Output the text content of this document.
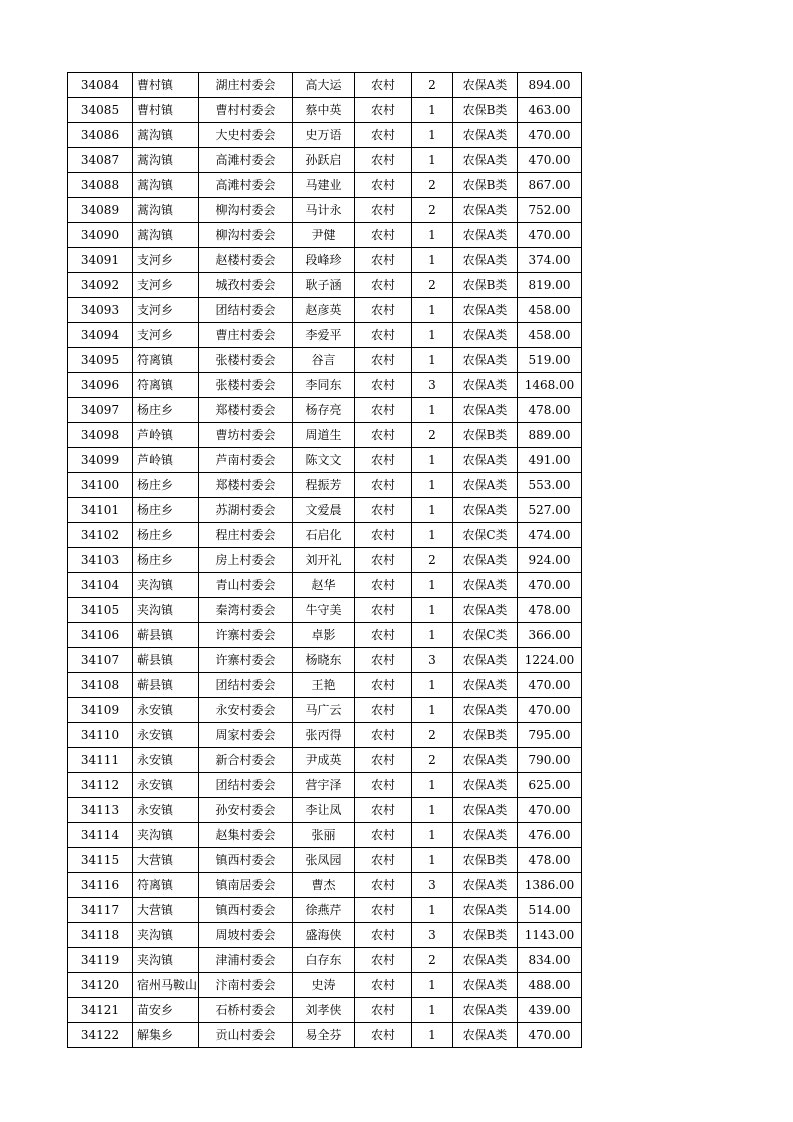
34084	曹村镇	湖庄村委会	高大运	农村	2	农保A类	894.00
34085	曹村镇	曹村村委会	蔡中英	农村	1	农保B类	463.00
34086	蒿沟镇	大史村委会	史万语	农村	1	农保A类	470.00
34087	蒿沟镇	高滩村委会	孙跃启	农村	1	农保A类	470.00
34088	蒿沟镇	高滩村委会	马建业	农村	2	农保B类	867.00
34089	蒿沟镇	柳沟村委会	马计永	农村	2	农保A类	752.00
34090	蒿沟镇	柳沟村委会	尹健	农村	1	农保A类	470.00
34091	支河乡	赵楼村委会	段峰珍	农村	1	农保A类	374.00
34092	支河乡	城孜村委会	耿子涵	农村	2	农保B类	819.00
34093	支河乡	团结村委会	赵彦英	农村	1	农保A类	458.00
34094	支河乡	曹庄村委会	李爱平	农村	1	农保A类	458.00
34095	符离镇	张楼村委会	谷言	农村	1	农保A类	519.00
34096	符离镇	张楼村委会	李同东	农村	3	农保A类	1468.00
34097	杨庄乡	郑楼村委会	杨存亮	农村	1	农保A类	478.00
34098	芦岭镇	曹坊村委会	周道生	农村	2	农保B类	889.00
34099	芦岭镇	芦南村委会	陈文文	农村	1	农保A类	491.00
34100	杨庄乡	郑楼村委会	程振芳	农村	1	农保A类	553.00
34101	杨庄乡	苏湖村委会	文爱晨	农村	1	农保A类	527.00
34102	杨庄乡	程庄村委会	石启化	农村	1	农保C类	474.00
34103	杨庄乡	房上村委会	刘开礼	农村	2	农保A类	924.00
34104	夹沟镇	青山村委会	赵华	农村	1	农保A类	470.00
34105	夹沟镇	秦湾村委会	牛守美	农村	1	农保A类	478.00
34106	蕲县镇	许寨村委会	卓影	农村	1	农保C类	366.00
34107	蕲县镇	许寨村委会	杨晓东	农村	3	农保A类	1224.00
34108	蕲县镇	团结村委会	王艳	农村	1	农保A类	470.00
34109	永安镇	永安村委会	马广云	农村	1	农保A类	470.00
34110	永安镇	周家村委会	张丙得	农村	2	农保B类	795.00
34111	永安镇	新合村委会	尹成英	农村	2	农保A类	790.00
34112	永安镇	团结村委会	营宇泽	农村	1	农保A类	625.00
34113	永安镇	孙安村委会	李让凤	农村	1	农保A类	470.00
34114	夹沟镇	赵集村委会	张丽	农村	1	农保A类	476.00
34115	大营镇	镇西村委会	张凤园	农村	1	农保B类	478.00
34116	符离镇	镇南居委会	曹杰	农村	3	农保A类	1386.00
34117	大营镇	镇西村委会	徐燕芹	农村	1	农保A类	514.00
34118	夹沟镇	周坡村委会	盛海侠	农村	3	农保B类	1143.00
34119	夹沟镇	津浦村委会	白存东	农村	2	农保A类	834.00
34120	宿州马鞍山	汴南村委会	史涛	农村	1	农保A类	488.00
34121	苗安乡	石桥村委会	刘孝侠	农村	1	农保A类	439.00
34122	解集乡	贡山村委会	易全芬	农村	1	农保A类	470.00
